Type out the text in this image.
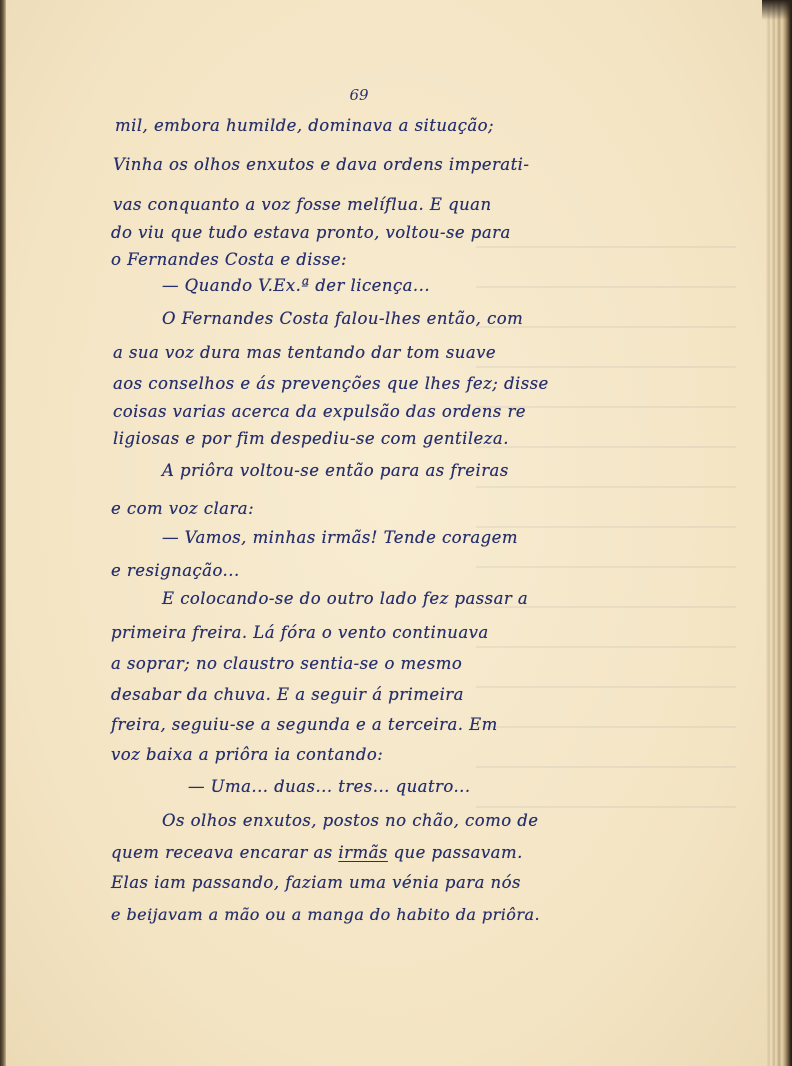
69
mil, embora humilde, dominava a situação;
Vinha os olhos enxutos e dava ordens imperati-
vas conquanto a voz fosse melíflua. E quan
do viu que tudo estava pronto, voltou-se para
o Fernandes Costa e disse:
— Quando V.Ex.ª der licença...
O Fernandes Costa falou-lhes então, com
a sua voz dura mas tentando dar tom suave
aos conselhos e ás prevenções que lhes fez; disse
coisas varias acerca da expulsão das ordens re
ligiosas e por fim despediu-se com gentileza.
A priôra voltou-se então para as freiras
e com voz clara:
— Vamos, minhas irmãs! Tende coragem
e resignação...
E colocando-se do outro lado fez passar a
primeira freira. Lá fóra o vento continuava
a soprar; no claustro sentia-se o mesmo
desabar da chuva. E a seguir á primeira
freira, seguiu-se a segunda e a terceira. Em
voz baixa a priôra ia contando:
— Uma... duas... tres... quatro...
Os olhos enxutos, postos no chão, como de
quem receava encarar as irmãs que passavam.
Elas iam passando, faziam uma vénia para nós
e beijavam a mão ou a manga do habito da priôra.
